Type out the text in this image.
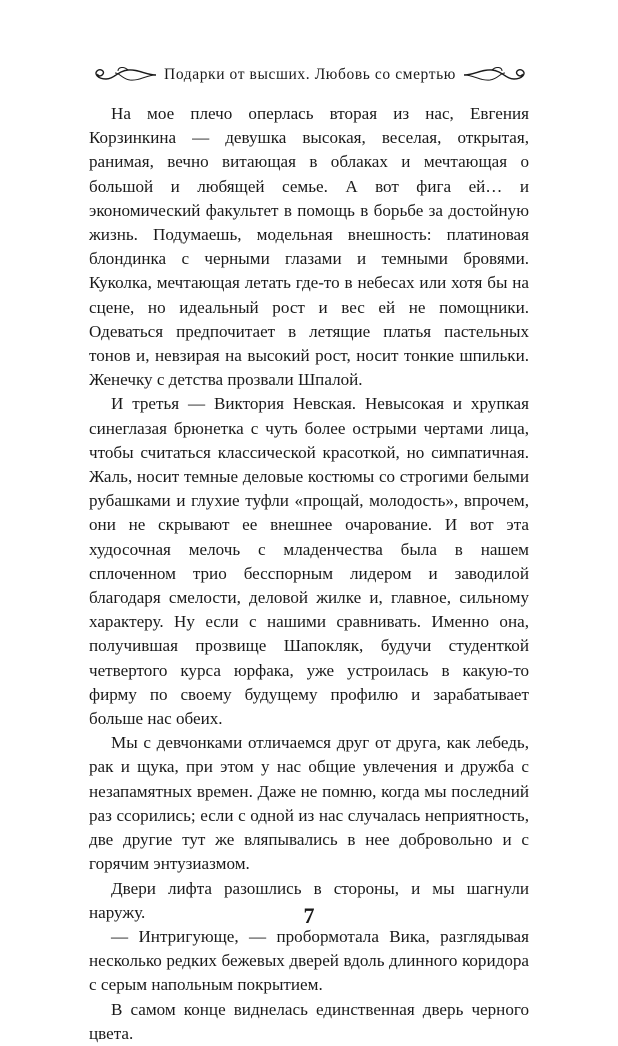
Подарки от высших. Любовь со смертью

На мое плечо оперлась вторая из нас, Евгения Корзинкина — девушка высокая, веселая, открытая, ранимая, вечно витающая в облаках и мечтающая о большой и любящей семье. А вот фига ей… и экономический факультет в помощь в борьбе за достойную жизнь. Подумаешь, модельная внешность: платиновая блондинка с черными глазами и темными бровями. Куколка, мечтающая летать где-то в небесах или хотя бы на сцене, но идеальный рост и вес ей не помощники. Одеваться предпочитает в летящие платья пастельных тонов и, невзирая на высокий рост, носит тонкие шпильки. Женечку с детства прозвали Шпалой.

И третья — Виктория Невская. Невысокая и хрупкая синеглазая брюнетка с чуть более острыми чертами лица, чтобы считаться классической красоткой, но симпатичная. Жаль, носит темные деловые костюмы со строгими белыми рубашками и глухие туфли «прощай, молодость», впрочем, они не скрывают ее внешнее очарование. И вот эта худосочная мелочь с младенчества была в нашем сплоченном трио бесспорным лидером и заводилой благодаря смелости, деловой жилке и, главное, сильному характеру. Ну если с нашими сравнивать. Именно она, получившая прозвище Шапокляк, будучи студенткой четвертого курса юрфака, уже устроилась в какую-то фирму по своему будущему профилю и зарабатывает больше нас обеих.

Мы с девчонками отличаемся друг от друга, как лебедь, рак и щука, при этом у нас общие увлечения и дружба с незапамятных времен. Даже не помню, когда мы последний раз ссорились; если с одной из нас случалась неприятность, две другие тут же вляпывались в нее добровольно и с горячим энтузиазмом.

Двери лифта разошлись в стороны, и мы шагнули наружу.

— Интригующе, — пробормотала Вика, разглядывая несколько редких бежевых дверей вдоль длинного коридора с серым напольным покрытием.

В самом конце виднелась единственная дверь черного цвета.

7
